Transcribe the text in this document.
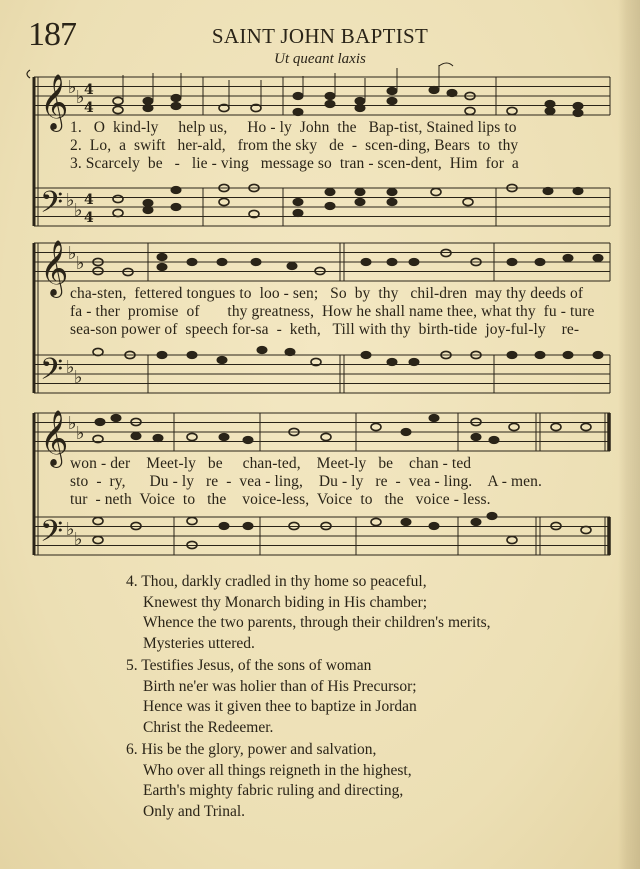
187	SAINT JOHN BAPTIST
Ut queant laxis
𝄞 ♭ ♭ 4
4
𝄢 ♭ ♭ 4
4
𝄞 ♭ ♭
𝄢 ♭ ♭
𝄞 ♭ ♭
𝄢 ♭ ♭
1.   O  kind-ly     help us,     Ho - ly  John  the   Bap-tist, Stained lips to
2.  Lo,  a  swift   her-ald,   from the sky   de  -  scen-ding, Bears  to  thy
3. Scarcely  be   -   lie - ving   message so  tran - scen-dent,  Him  for  a
cha-sten,  fettered tongues to  loo - sen;   So  by  thy   chil-dren  may thy deeds of
fa - ther  promise  of       thy greatness,  How he shall name thee, what thy  fu - ture
sea-son power of  speech for-sa  -  keth,   Till with thy  birth-tide  joy-ful-ly    re-
won - der    Meet-ly   be     chan-ted,    Meet-ly   be    chan - ted
sto  -  ry,      Du - ly   re  -  vea - ling,    Du - ly   re  -  vea - ling.    A - men.
tur  - neth  Voice  to   the    voice-less,  Voice  to   the   voice - less.
4. Thou, darkly cradled in thy home so peaceful,
Knewest thy Monarch biding in His chamber;
Whence the two parents, through their children's merits,
Mysteries uttered.
5. Testifies Jesus, of the sons of woman
Birth ne'er was holier than of His Precursor;
Hence was it given thee to baptize in Jordan
Christ the Redeemer.
6. His be the glory, power and salvation,
Who over all things reigneth in the highest,
Earth's mighty fabric ruling and directing,
Only and Trinal.
